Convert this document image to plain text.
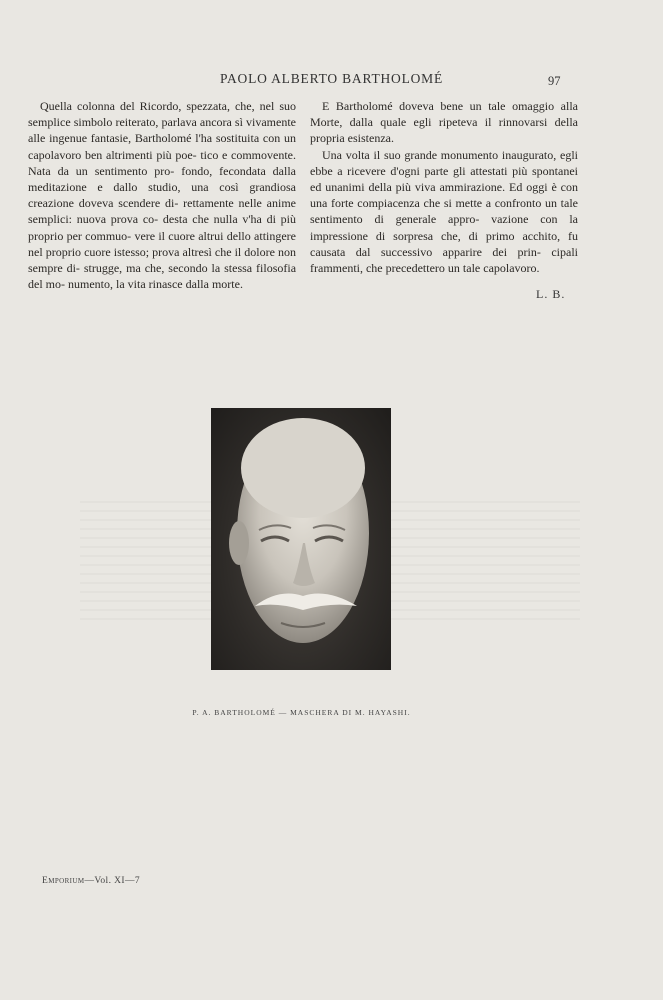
PAOLO ALBERTO BARTHOLOMÉ	97

Quella colonna del Ricordo, spezzata, che, nel suo semplice simbolo reiterato, parlava ancora sì vivamente alle ingenue fantasie, Bartholomé l'ha sostituita con un capolavoro ben altrimenti più poe- tico e commovente. Nata da un sentimento pro- fondo, fecondata dalla meditazione e dallo studio, una così grandiosa creazione doveva scendere di- rettamente nelle anime semplici: nuova prova co- desta che nulla v'ha di più proprio per commuo- vere il cuore altrui dello attingere nel proprio cuore istesso; prova altresì che il dolore non sempre di- strugge, ma che, secondo la stessa filosofia del mo- numento, la vita rinasce dalla morte.

E Bartholomé doveva bene un tale omaggio alla Morte, dalla quale egli ripeteva il rinnovarsi della propria esistenza.

Una volta il suo grande monumento inaugurato, egli ebbe a ricevere d'ogni parte gli attestati più spontanei ed unanimi della più viva ammirazione. Ed oggi è con una forte compiacenza che si mette a confronto un tale sentimento di generale appro- vazione con la impressione di sorpresa che, di primo acchito, fu causata dal successivo apparire dei prin- cipali frammenti, che precedettero un tale capolavoro.

L. B.
P. A. BARTHOLOMÉ — MASCHERA DI M. HAYASHI.
Emporium—Vol. XI—7
